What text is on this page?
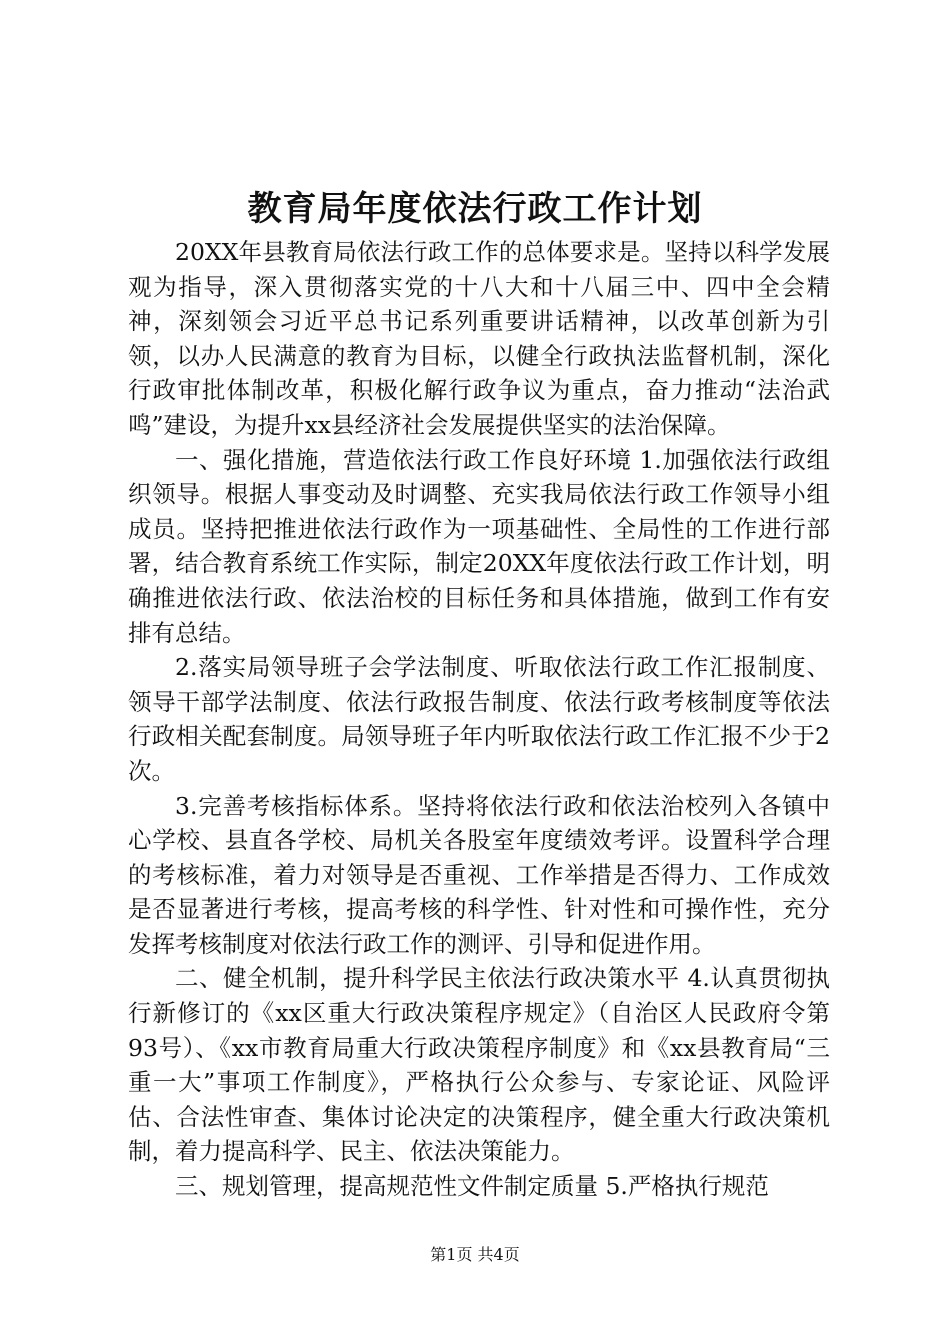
教育局年度依法行政工作计划

20XX年县教育局依法行政工作的总体要求是。坚持以科学发展观为指导，深入贯彻落实党的十八大和十八届三中、四中全会精神，深刻领会习近平总书记系列重要讲话精神，以改革创新为引领，以办人民满意的教育为目标，以健全行政执法监督机制，深化行政审批体制改革，积极化解行政争议为重点，奋力推动“法治武鸣”建设，为提升xx县经济社会发展提供坚实的法治保障。

一、强化措施，营造依法行政工作良好环境 1.加强依法行政组织领导。根据人事变动及时调整、充实我局依法行政工作领导小组成员。坚持把推进依法行政作为一项基础性、全局性的工作进行部署，结合教育系统工作实际，制定20XX年度依法行政工作计划，明确推进依法行政、依法治校的目标任务和具体措施，做到工作有安排有总结。

2.落实局领导班子会学法制度、听取依法行政工作汇报制度、领导干部学法制度、依法行政报告制度、依法行政考核制度等依法行政相关配套制度。局领导班子年内听取依法行政工作汇报不少于2次。

3.完善考核指标体系。坚持将依法行政和依法治校列入各镇中心学校、县直各学校、局机关各股室年度绩效考评。设置科学合理的考核标准，着力对领导是否重视、工作举措是否得力、工作成效是否显著进行考核，提高考核的科学性、针对性和可操作性，充分发挥考核制度对依法行政工作的测评、引导和促进作用。

二、健全机制，提升科学民主依法行政决策水平 4.认真贯彻执行新修订的《xx区重大行政决策程序规定》（自治区人民政府令第93号）、《xx市教育局重大行政决策程序制度》和《xx县教育局“三重一大”事项工作制度》，严格执行公众参与、专家论证、风险评估、合法性审查、集体讨论决定的决策程序，健全重大行政决策机制，着力提高科学、民主、依法决策能力。

三、规划管理，提高规范性文件制定质量 5.严格执行规范

第1页 共4页
